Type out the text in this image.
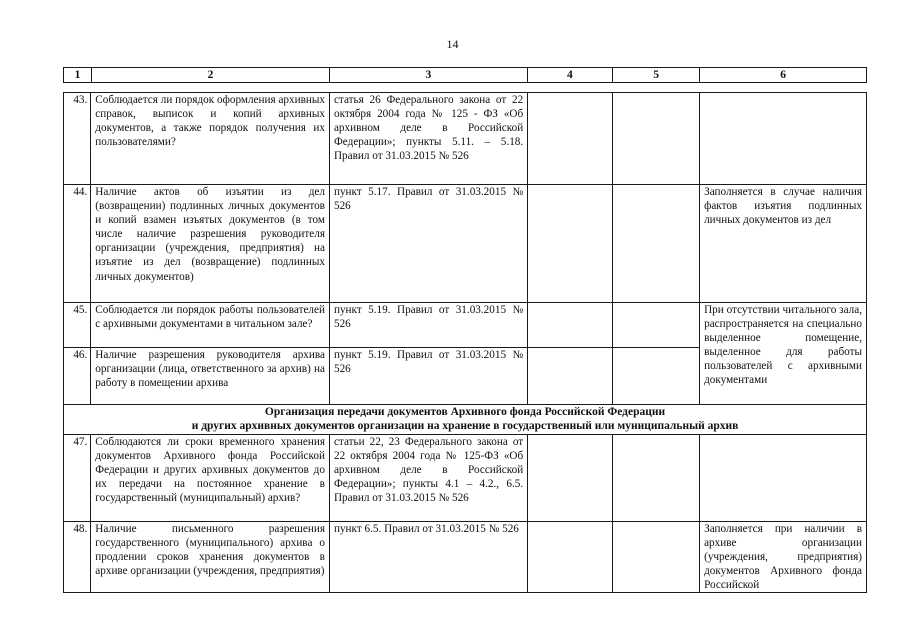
14
1	2	3	4	5	6
43.	Соблюдается ли порядок оформления архивных справок, выписок и копий архивных документов, а также порядок получения их пользователями?	статья 26 Федерального закона от 22 октября 2004 года № 125 - ФЗ «Об архивном деле в Российской Федерации»; пункты 5.11. – 5.18. Правил от 31.03.2015 № 526			
44.	Наличие актов об изъятии из дел (возвращении) подлинных личных документов и копий взамен изъятых документов (в том числе наличие разрешения руководителя организации (учреждения, предприятия) на изъятие из дел (возвращение) подлинных личных документов)	пункт 5.17. Правил от 31.03.2015 № 526			Заполняется в случае наличия фактов изъятия подлинных личных документов из дел
45.	Соблюдается ли порядок работы пользователей с архивными документами в читальном зале?	пункт 5.19. Правил от 31.03.2015 № 526			При отсутствии читального зала, распространяется на специально выделенное помещение, выделенное для работы пользователей с архивными документами
46.	Наличие разрешения руководителя архива организации (лица, ответственного за архив) на работу в помещении архива	пункт 5.19. Правил от 31.03.2015 № 526			

Организация передачи документов Архивного фонда Российской Федерации
и других архивных документов организации на хранение в государственный или муниципальный архив					

47.	Соблюдаются ли сроки временного хранения документов Архивного фонда Российской Федерации и других архивных документов до их передачи на постоянное хранение в государственный (муниципальный) архив?	статьи 22, 23 Федерального закона от 22 октября 2004 года № 125-ФЗ «Об архивном деле в Российской Федерации»; пункты 4.1 – 4.2., 6.5. Правил от 31.03.2015 № 526			
48.	Наличие письменного разрешения государственного (муниципального) архива о продлении сроков хранения документов в архиве организации (учреждения, предприятия)	пункт 6.5. Правил от 31.03.2015 № 526			Заполняется при наличии в архиве организации (учреждения, предприятия) документов Архивного фонда Российской
